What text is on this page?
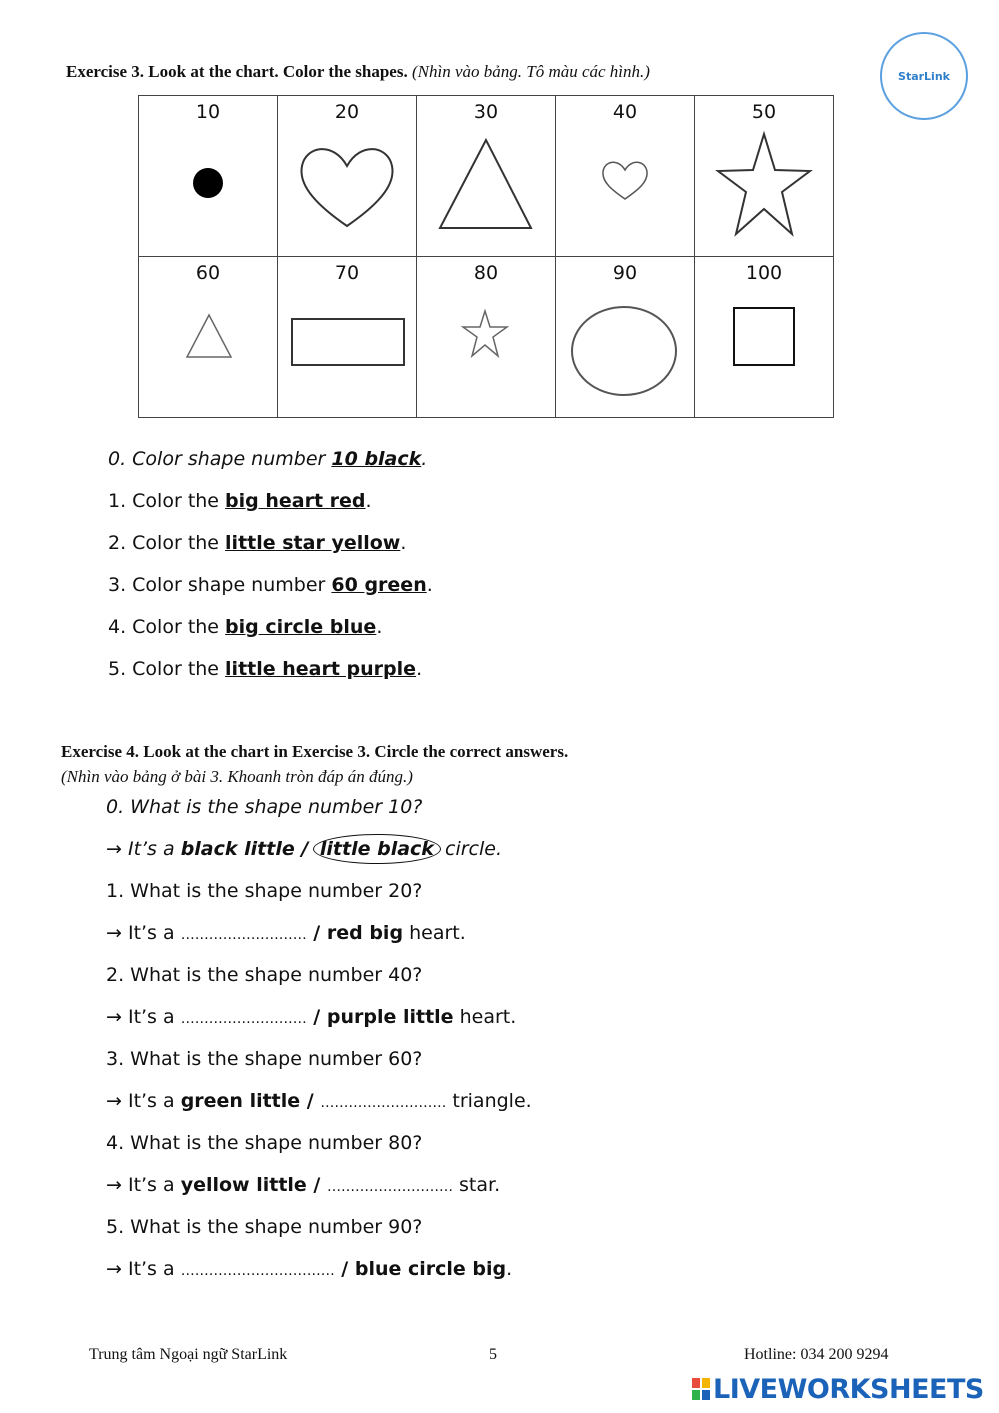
Exercise 3. Look at the chart. Color the shapes. (Nhìn vào bảng. Tô màu các hình.)	StarLink
10	20	30	40	50

60	70	80	90	100
0. Color shape number 10 black.
1. Color the big heart red.
2. Color the little star yellow.
3. Color shape number 60 green.
4. Color the big circle blue.
5. Color the little heart purple.
Exercise 4. Look at the chart in Exercise 3. Circle the correct answers.
(Nhìn vào bảng ở bài 3. Khoanh tròn đáp án đúng.)
0. What is the shape number 10?
→ It’s a black little / little black circle.
1. What is the shape number 20?
→ It’s a ……………………… / red big heart.
2. What is the shape number 40?
→ It’s a ……………………… / purple little heart.
3. What is the shape number 60?
→ It’s a green little / ……………………… triangle.
4. What is the shape number 80?
→ It’s a yellow little / ……………………… star.
5. What is the shape number 90?
→ It’s a …………………………… / blue circle big.
Trung tâm Ngoại ngữ StarLink	5	Hotline: 034 200 9294
LIVEWORKSHEETS
